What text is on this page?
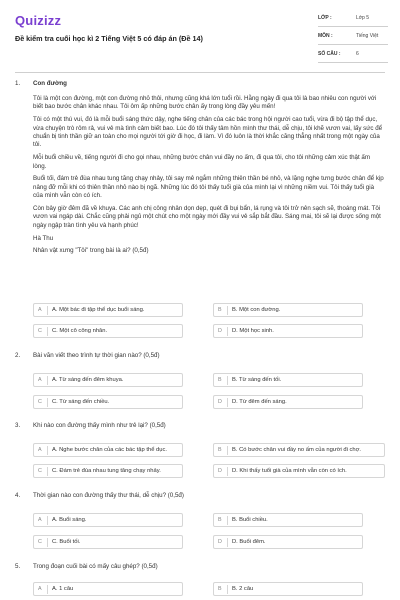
Quizizz
Đề kiểm tra cuối học kì 2 Tiếng Việt 5 có đáp án (Đề 14)
LỚP :	Lớp 5
MÔN :	Tiếng Việt
SỐ CÂU :	6
1. Con đường

Tôi là một con đường, một con đường nhỏ thôi, nhưng cũng khá lớn tuổi rồi. Hằng ngày đi qua tôi là bao nhiêu con người với biết bao bước chân khác nhau. Tôi ôm ấp những bước chân ấy trong lòng đầy yêu mến!

Tôi có một thú vui, đó là mỗi buổi sáng thức dậy, nghe tiếng chân của các bác trong hội người cao tuổi, vừa đi bộ tập thể dục, vừa chuyện trò rôm rả, vui vẻ mà tình cảm biết bao. Lúc đó tôi thấy tâm hồn mình thư thái, dễ chịu, tôi khẽ vươn vai, lấy sức để chuẩn bị tinh thần giữ an toàn cho mọi người tới giờ đi học, đi làm. Vì đó luôn là thời khắc căng thẳng nhất trong một ngày của tôi.

Mỗi buổi chiều về, tiếng người đi cho gọi nhau, những bước chân vui đầy no ấm, đi qua tôi, cho tôi những cảm xúc thật ấm lòng.

Buổi tối, đám trẻ đùa nhau tung tăng chạy nhảy, tôi say mê ngắm những thiên thần bé nhỏ, và lặng nghe tưng bước chân để kịp nâng đỡ mỗi khi có thiên thần nhỏ nào bị ngã. Những lúc đó tôi thấy tuổi già của mình lại vì những niềm vui. Tôi thấy tuổi già của mình vẫn còn có ích.

Còn bây giờ đêm đã về khuya. Các anh chị công nhân dọn dẹp, quét đi bụi bẩn, lá rụng và tôi trở nên sạch sẽ, thoáng mát. Tôi vươn vai ngáp dài. Chắc cũng phải ngủ một chút cho một ngày mới đầy vui vẻ sắp bắt đầu. Sáng mai, tôi sẽ lại được sống một ngày ngập tràn tình yêu và hạnh phúc!

Hà Thu

Nhân vật xưng "Tôi" trong bài là ai? (0,5đ)

A	A. Một bác đi tập thể dục buổi sáng.	B	B. Một con đường.
C	C. Một cô công nhân.	D	D. Một học sinh.
2. Bài văn viết theo trình tự thời gian nào? (0,5đ)
A	A. Từ sáng đến đêm khuya.	B	B. Từ sáng đến tối.
C	C. Từ sáng đến chiều.	D	D. Từ đêm đến sáng.
3. Khi nào con đường thấy mình như trẻ lại? (0,5đ)
A	A. Nghe bước chân của các bác tập thể dục.	B	B. Có bước chân vui đầy no ấm của người đi chợ.
C	C. Đám trẻ đùa nhau tung tăng chạy nhảy.	D	D. Khi thấy tuổi già của mình vẫn còn có ích.
4. Thời gian nào con đường thấy thư thái, dễ chịu? (0,5đ)
A	A. Buổi sáng.	B	B. Buổi chiều.
C	C. Buổi tối.	D	D. Buổi đêm.
5. Trong đoạn cuối bài có mấy câu ghép? (0,5đ)
A	A. 1 câu	B	B. 2 câu
